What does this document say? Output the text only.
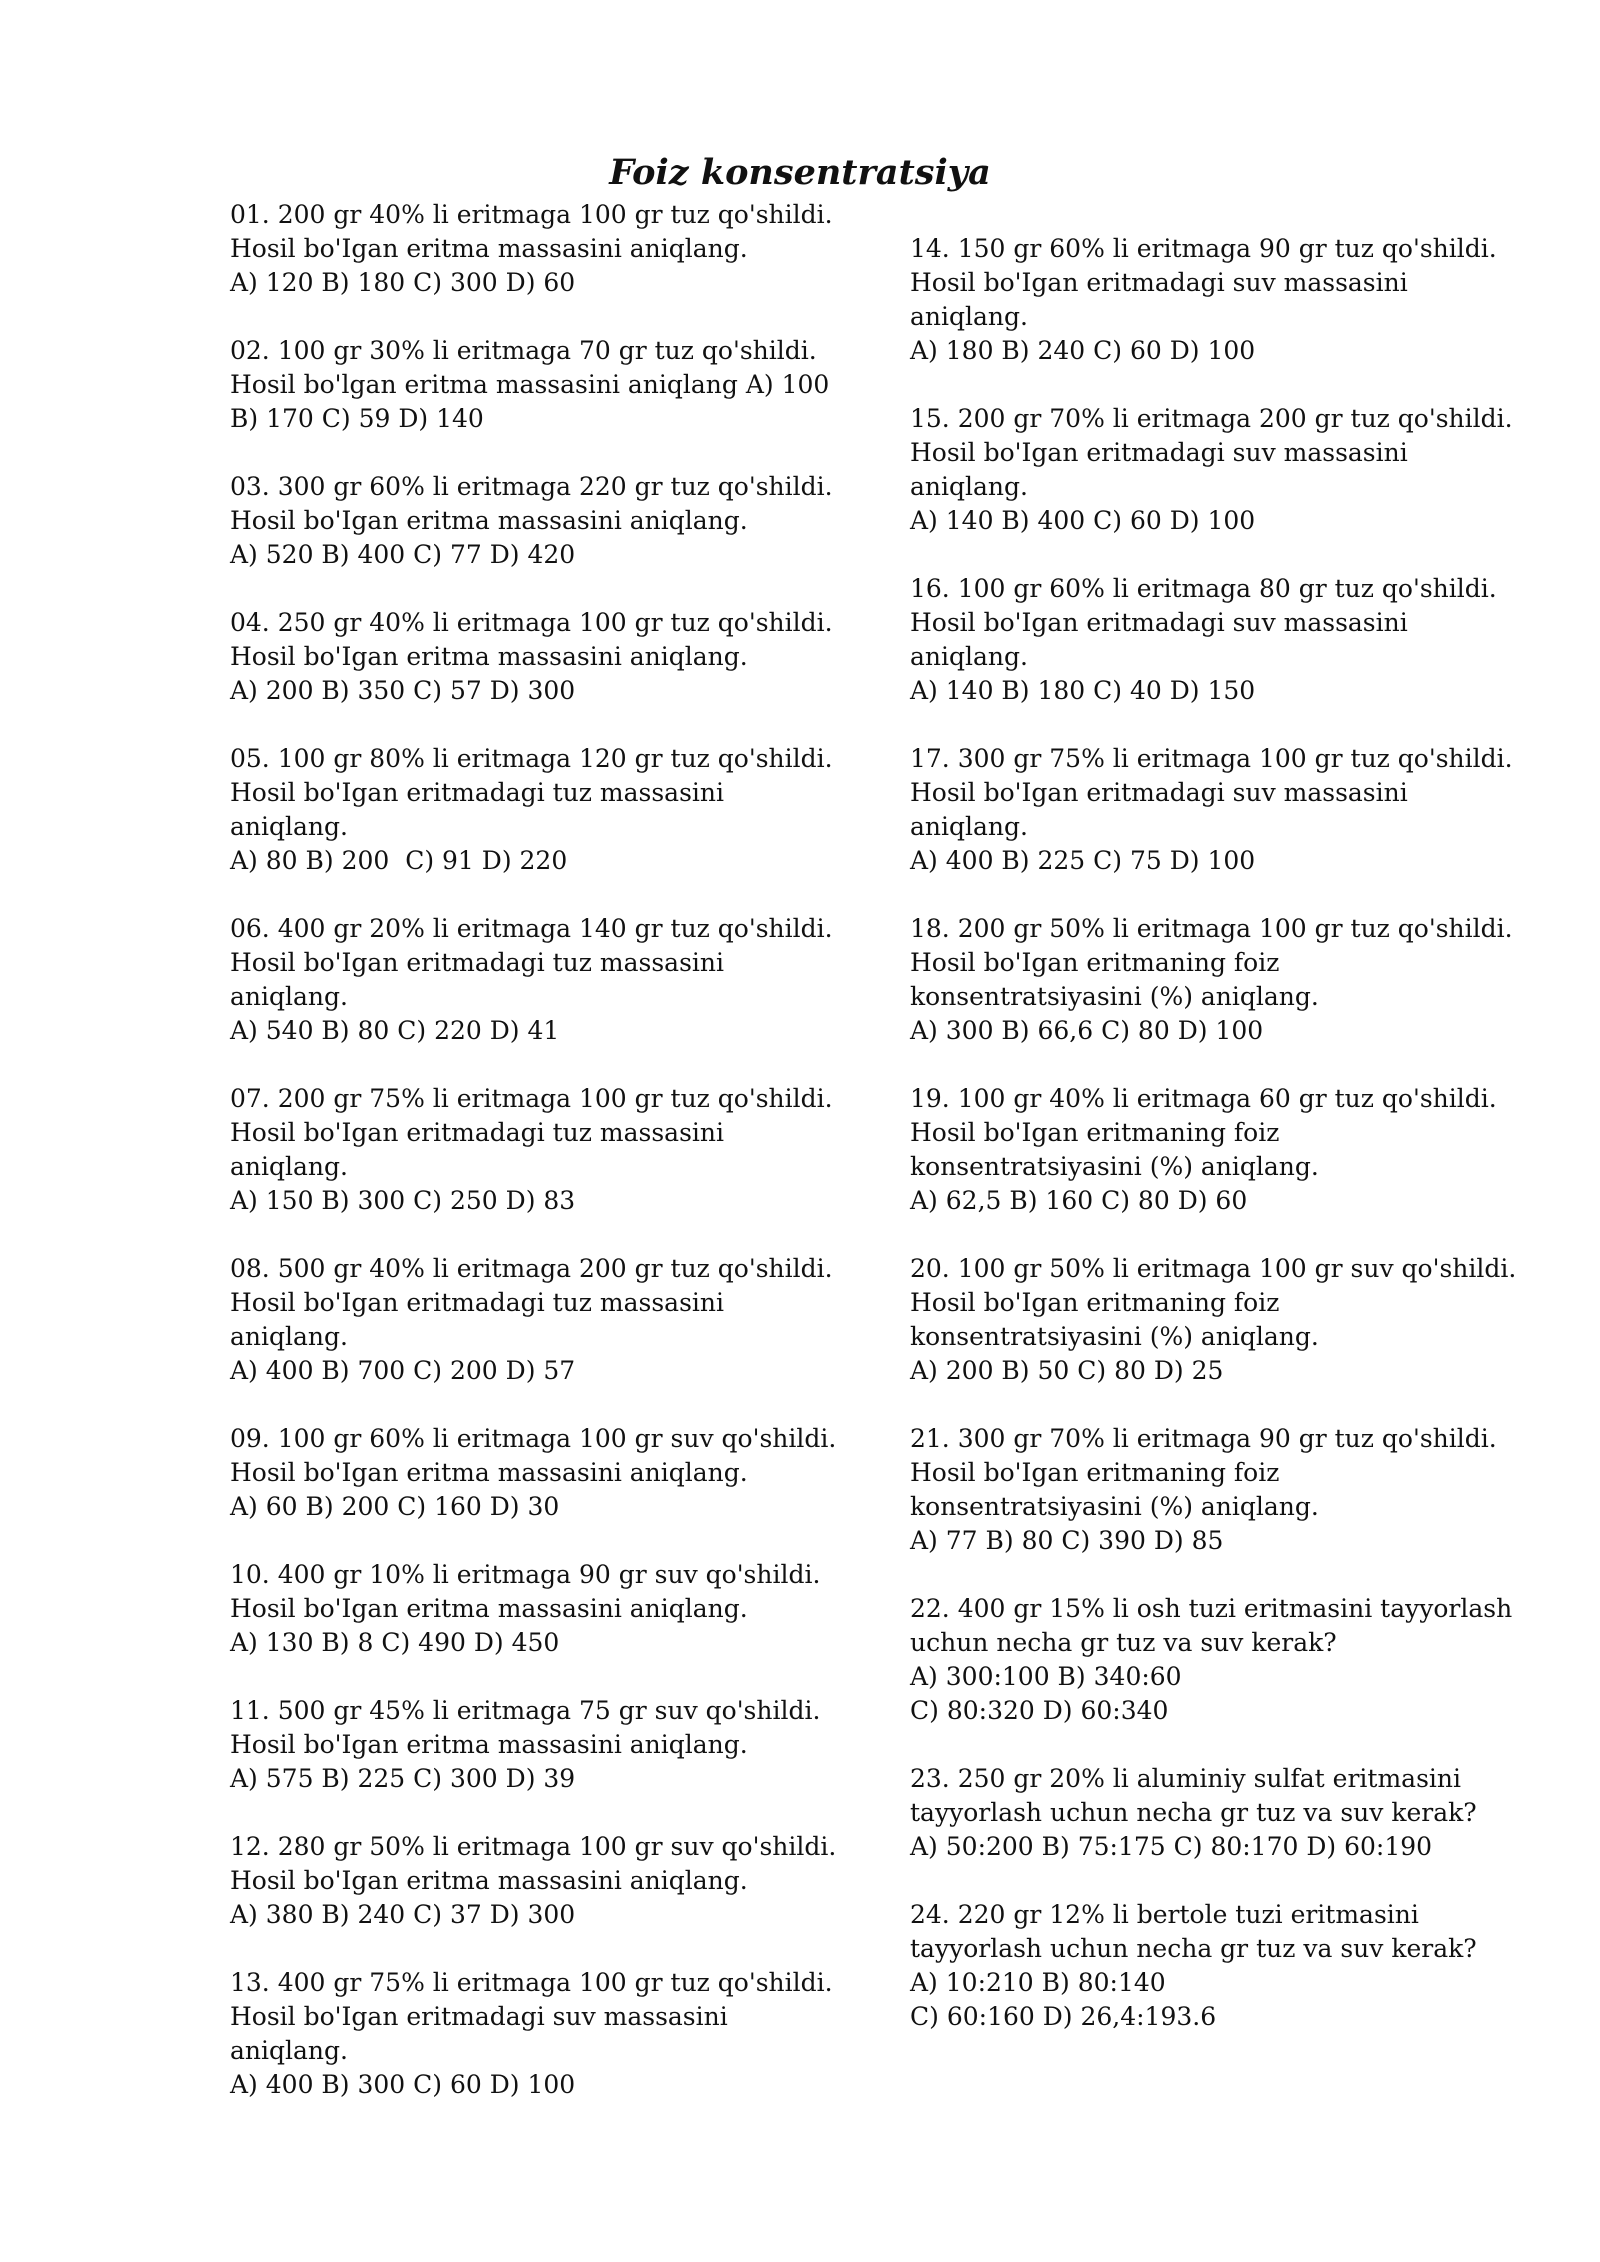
Foiz konsentratsiya
01. 200 gr 40% li eritmaga 100 gr tuz qo'shildi.
Hosil bo'Igan eritma massasini aniqlang.
A) 120 B) 180 C) 300 D) 60
02. 100 gr 30% li eritmaga 70 gr tuz qo'shildi.
Hosil bo'lgan eritma massasini aniqlang A) 100
B) 170 C) 59 D) 140
03. 300 gr 60% li eritmaga 220 gr tuz qo'shildi.
Hosil bo'Igan eritma massasini aniqlang.
A) 520 B) 400 C) 77 D) 420
04. 250 gr 40% li eritmaga 100 gr tuz qo'shildi.
Hosil bo'Igan eritma massasini aniqlang.
A) 200 B) 350 C) 57 D) 300
05. 100 gr 80% li eritmaga 120 gr tuz qo'shildi.
Hosil bo'Igan eritmadagi tuz massasini
aniqlang.
A) 80 B) 200  C) 91 D) 220
06. 400 gr 20% li eritmaga 140 gr tuz qo'shildi.
Hosil bo'Igan eritmadagi tuz massasini
aniqlang.
A) 540 B) 80 C) 220 D) 41
07. 200 gr 75% li eritmaga 100 gr tuz qo'shildi.
Hosil bo'Igan eritmadagi tuz massasini
aniqlang.
A) 150 B) 300 C) 250 D) 83
08. 500 gr 40% li eritmaga 200 gr tuz qo'shildi.
Hosil bo'Igan eritmadagi tuz massasini
aniqlang.
A) 400 B) 700 C) 200 D) 57
09. 100 gr 60% li eritmaga 100 gr suv qo'shildi.
Hosil bo'Igan eritma massasini aniqlang.
A) 60 B) 200 C) 160 D) 30
10. 400 gr 10% li eritmaga 90 gr suv qo'shildi.
Hosil bo'Igan eritma massasini aniqlang.
A) 130 B) 8 C) 490 D) 450
11. 500 gr 45% li eritmaga 75 gr suv qo'shildi.
Hosil bo'Igan eritma massasini aniqlang.
A) 575 B) 225 C) 300 D) 39
12. 280 gr 50% li eritmaga 100 gr suv qo'shildi.
Hosil bo'Igan eritma massasini aniqlang.
A) 380 B) 240 C) 37 D) 300
13. 400 gr 75% li eritmaga 100 gr tuz qo'shildi.
Hosil bo'Igan eritmadagi suv massasini
aniqlang.
A) 400 B) 300 C) 60 D) 100
14. 150 gr 60% li eritmaga 90 gr tuz qo'shildi.
Hosil bo'Igan eritmadagi suv massasini
aniqlang.
A) 180 B) 240 C) 60 D) 100
15. 200 gr 70% li eritmaga 200 gr tuz qo'shildi.
Hosil bo'Igan eritmadagi suv massasini
aniqlang.
A) 140 B) 400 C) 60 D) 100
16. 100 gr 60% li eritmaga 80 gr tuz qo'shildi.
Hosil bo'Igan eritmadagi suv massasini
aniqlang.
A) 140 B) 180 C) 40 D) 150
17. 300 gr 75% li eritmaga 100 gr tuz qo'shildi.
Hosil bo'Igan eritmadagi suv massasini
aniqlang.
A) 400 B) 225 C) 75 D) 100
18. 200 gr 50% li eritmaga 100 gr tuz qo'shildi.
Hosil bo'Igan eritmaning foiz
konsentratsiyasini (%) aniqlang.
A) 300 B) 66,6 C) 80 D) 100
19. 100 gr 40% li eritmaga 60 gr tuz qo'shildi.
Hosil bo'Igan eritmaning foiz
konsentratsiyasini (%) aniqlang.
A) 62,5 B) 160 C) 80 D) 60
20. 100 gr 50% li eritmaga 100 gr suv qo'shildi.
Hosil bo'Igan eritmaning foiz
konsentratsiyasini (%) aniqlang.
A) 200 B) 50 C) 80 D) 25
21. 300 gr 70% li eritmaga 90 gr tuz qo'shildi.
Hosil bo'Igan eritmaning foiz
konsentratsiyasini (%) aniqlang.
A) 77 B) 80 C) 390 D) 85
22. 400 gr 15% li osh tuzi eritmasini tayyorlash
uchun necha gr tuz va suv kerak?
A) 300:100 B) 340:60
C) 80:320 D) 60:340
23. 250 gr 20% li aluminiy sulfat eritmasini
tayyorlash uchun necha gr tuz va suv kerak?
A) 50:200 B) 75:175 C) 80:170 D) 60:190
24. 220 gr 12% li bertole tuzi eritmasini
tayyorlash uchun necha gr tuz va suv kerak?
A) 10:210 B) 80:140
C) 60:160 D) 26,4:193.6
